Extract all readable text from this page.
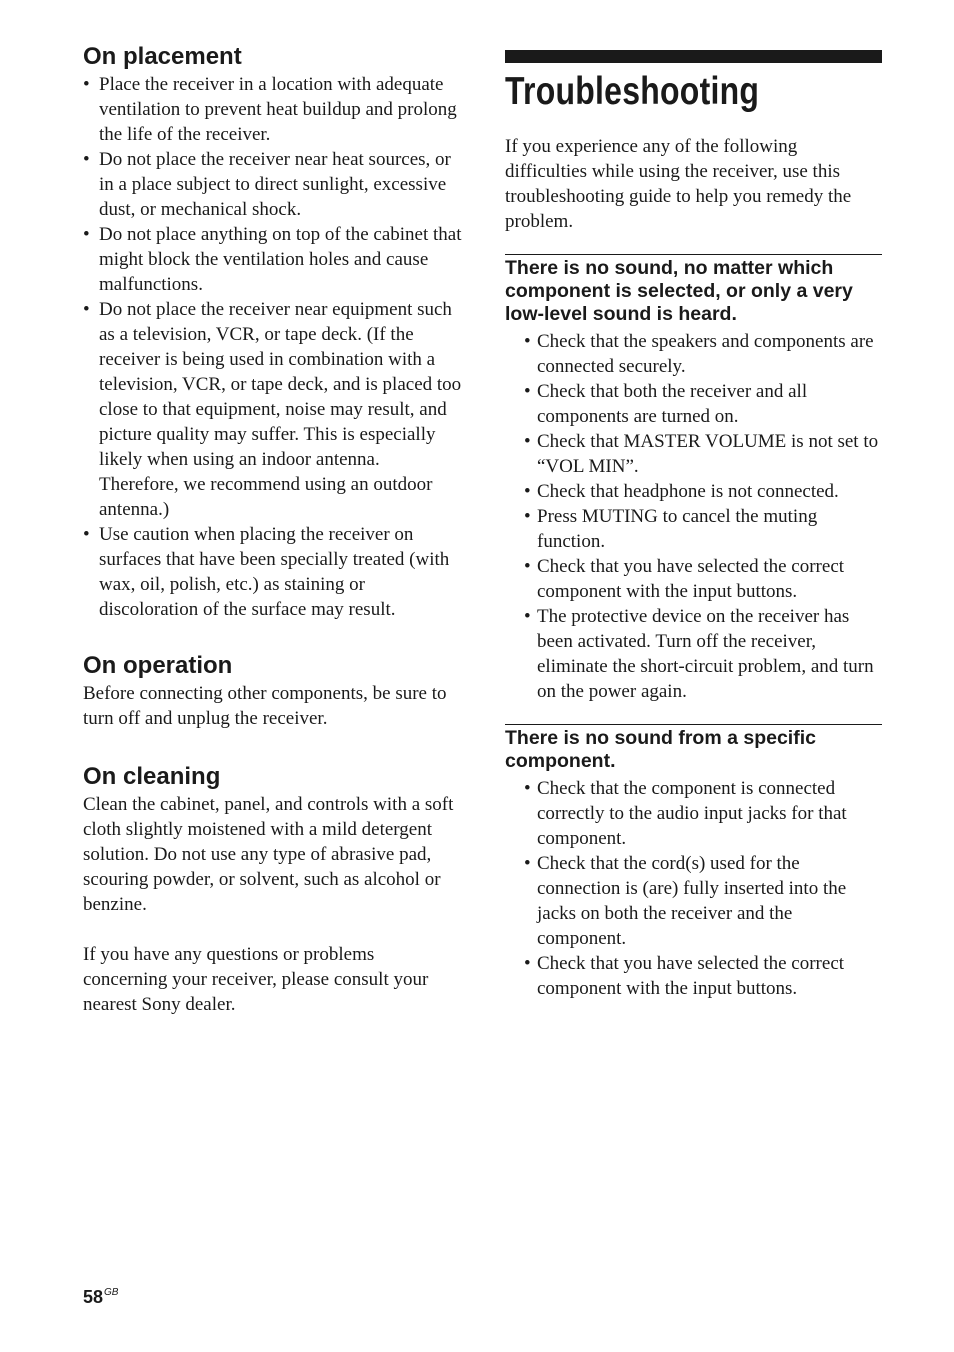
On placement
• Place the receiver in a location with adequate ventilation to prevent heat buildup and prolong the life of the receiver.
• Do not place the receiver near heat sources, or in a place subject to direct sunlight, excessive dust, or mechanical shock.
• Do not place anything on top of the cabinet that might block the ventilation holes and cause malfunctions.
• Do not place the receiver near equipment such as a television, VCR, or tape deck. (If the receiver is being used in combination with a television, VCR, or tape deck, and is placed too close to that equipment, noise may result, and picture quality may suffer. This is especially likely when using an indoor antenna. Therefore, we recommend using an outdoor antenna.)
• Use caution when placing the receiver on surfaces that have been specially treated (with wax, oil, polish, etc.) as staining or discoloration of the surface may result.
On operation

Before connecting other components, be sure to turn off and unplug the receiver.

On cleaning

Clean the cabinet, panel, and controls with a soft cloth slightly moistened with a mild detergent solution. Do not use any type of abrasive pad, scouring powder, or solvent, such as alcohol or benzine.

If you have any questions or problems concerning your receiver, please consult your nearest Sony dealer.

Troubleshooting

If you experience any of the following difficulties while using the receiver, use this troubleshooting guide to help you remedy the problem.

There is no sound, no matter which component is selected, or only a very low-level sound is heard.

• Check that the speakers and components are connected securely.
• Check that both the receiver and all components are turned on.
• Check that MASTER VOLUME is not set to “VOL MIN”.
• Check that headphone is not connected.
• Press MUTING to cancel the muting function.
• Check that you have selected the correct component with the input buttons.
• The protective device on the receiver has been activated. Turn off the receiver, eliminate the short-circuit problem, and turn on the power again.

There is no sound from a specific component.

• Check that the component is connected correctly to the audio input jacks for that component.
• Check that the cord(s) used for the connection is (are) fully inserted into the jacks on both the receiver and the component.
• Check that you have selected the correct component with the input buttons.
$58^{GB}$
